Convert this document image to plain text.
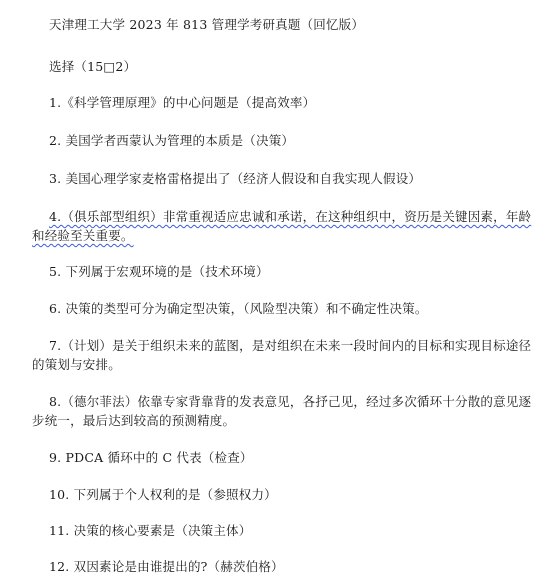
天津理工大学 2023 年 813 管理学考研真题（回忆版）
选择（15□2）
1.《科学管理原理》的中心问题是（提高效率）
2. 美国学者西蒙认为管理的本质是（决策）
3. 美国心理学家麦格雷格提出了（经济人假设和自我实现人假设）
4.（俱乐部型组织）非常重视适应忠诚和承诺，在这种组织中，资历是关键因素，年龄
和经验至关重要。
5. 下列属于宏观环境的是（技术环境）
6. 决策的类型可分为确定型决策，（风险型决策）和不确定性决策。
7.（计划）是关于组织未来的蓝图，是对组织在未来一段时间内的目标和实现目标途径
的策划与安排。
8.（德尔菲法）依靠专家背靠背的发表意见，各抒己见，经过多次循环十分散的意见逐
步统一，最后达到较高的预测精度。
9. PDCA 循环中的 C 代表（检查）
10. 下列属于个人权利的是（参照权力）
11. 决策的核心要素是（决策主体）
12. 双因素论是由谁提出的?（赫茨伯格）
